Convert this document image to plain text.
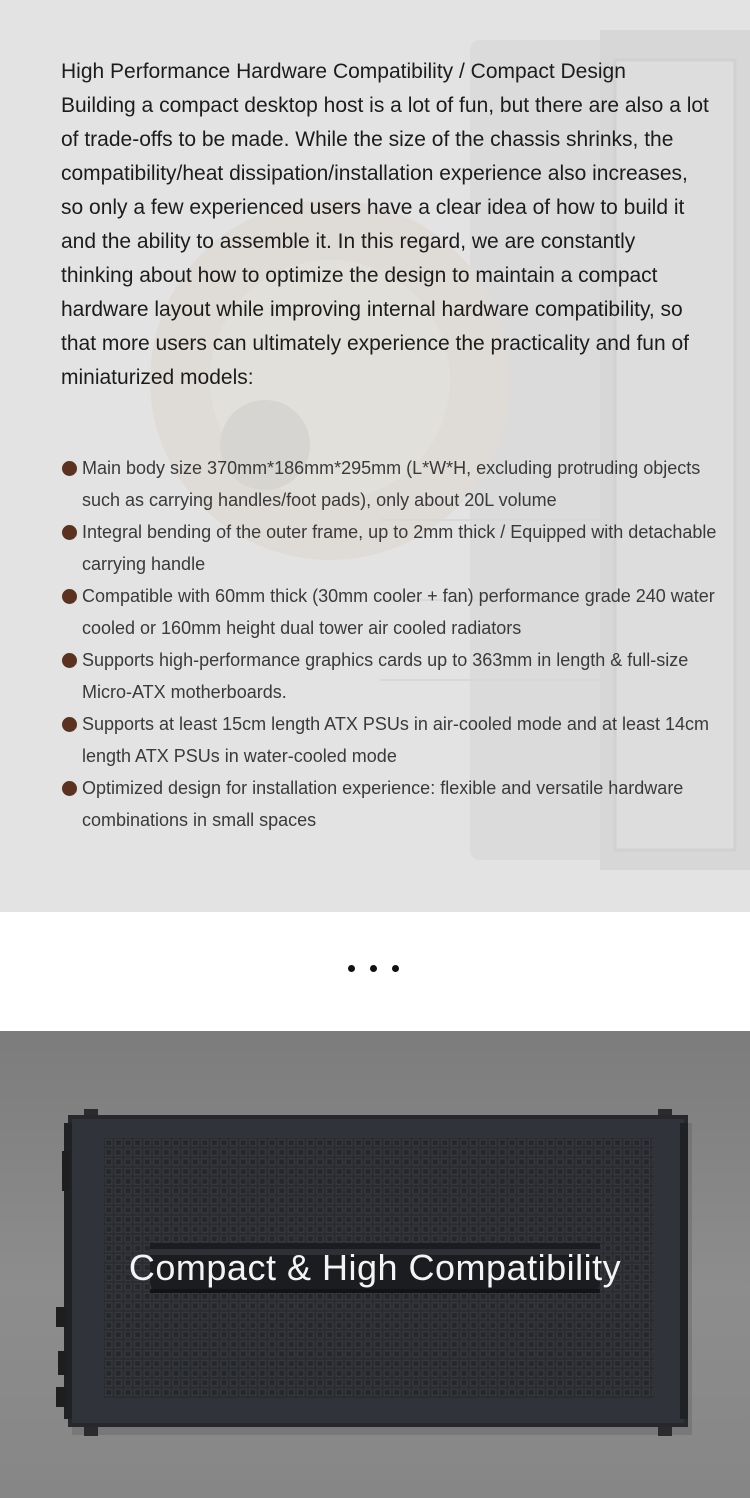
High Performance Hardware Compatibility / Compact Design

Building a compact desktop host is a lot of fun, but there are also a lot of trade-offs to be made. While the size of the chassis shrinks, the compatibility/heat dissipation/installation experience also increases, so only a few experienced users have a clear idea of how to build it and the ability to assemble it. In this regard, we are constantly thinking about how to optimize the design to maintain a compact hardware layout while improving internal hardware compatibility, so that more users can ultimately experience the practicality and fun of miniaturized models:

Main body size 370mm*186mm*295mm (L*W*H, excluding protruding objects such as carrying handles/foot pads), only about 20L volume
Integral bending of the outer frame, up to 2mm thick / Equipped with detachable carrying handle
Compatible with 60mm thick (30mm cooler + fan) performance grade 240 water cooled or 160mm height dual tower air cooled radiators
Supports high-performance graphics cards up to 363mm in length & full-size Micro-ATX motherboards.
Supports at least 15cm length ATX PSUs in air-cooled mode and at least 14cm length ATX PSUs in water-cooled mode
Optimized design for installation experience: flexible and versatile hardware combinations in small spaces
Compact & High Compatibility
